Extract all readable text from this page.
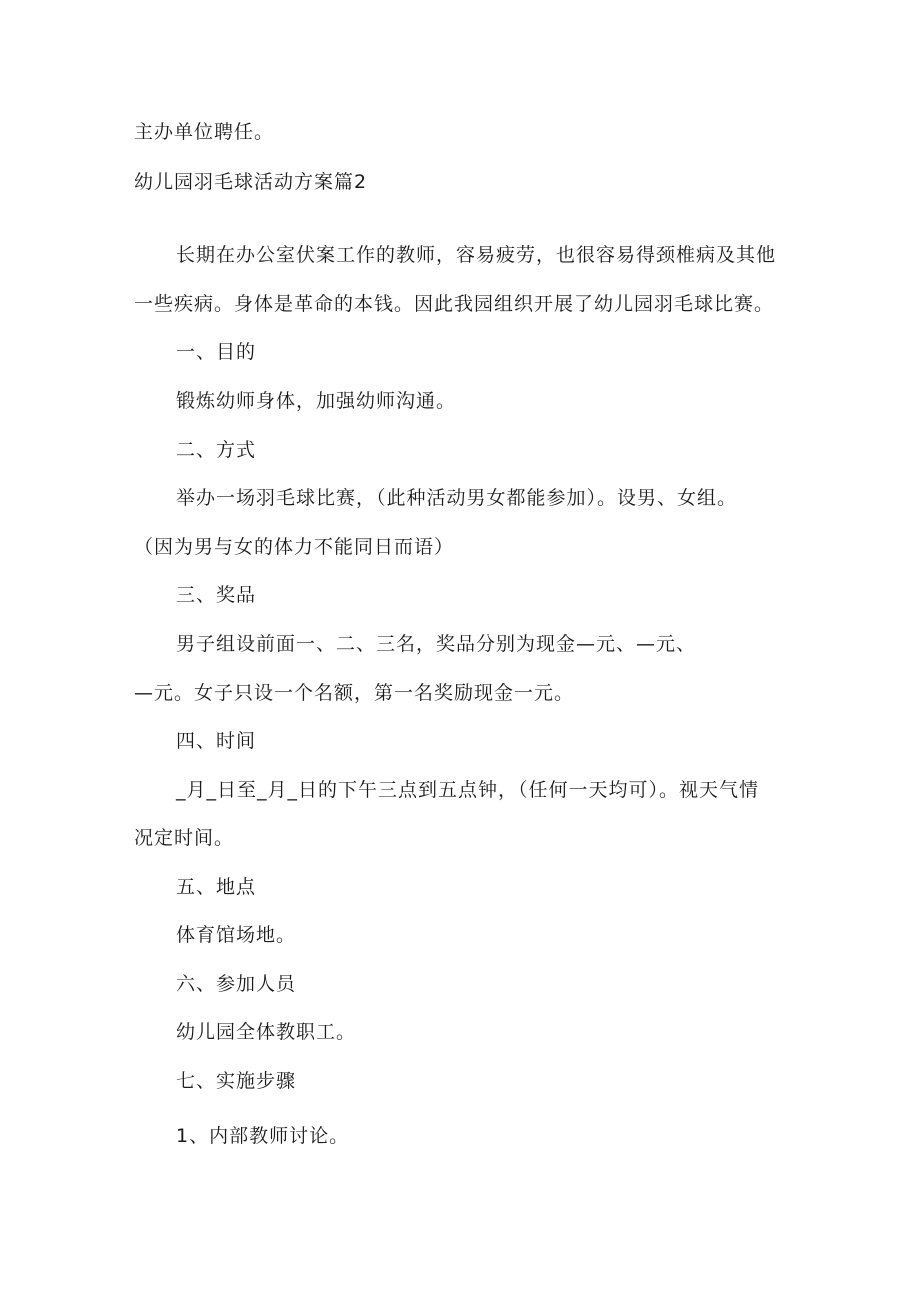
主办单位聘任。
幼儿园羽毛球活动方案篇2
长期在办公室伏案工作的教师，容易疲劳，也很容易得颈椎病及其他
一些疾病。身体是革命的本钱。因此我园组织开展了幼儿园羽毛球比赛。
一、目的
锻炼幼师身体，加强幼师沟通。
二、方式
举办一场羽毛球比赛，（此种活动男女都能参加）。设男、女组。
（因为男与女的体力不能同日而语）
三、奖品
男子组设前面一、二、三名，奖品分别为现金—元、—元、
—元。女子只设一个名额，第一名奖励现金一元。
四、时间
_月_日至_月_日的下午三点到五点钟，（任何一天均可）。视天气情
况定时间。
五、地点
体育馆场地。
六、参加人员
幼儿园全体教职工。
七、实施步骤
1、内部教师讨论。
